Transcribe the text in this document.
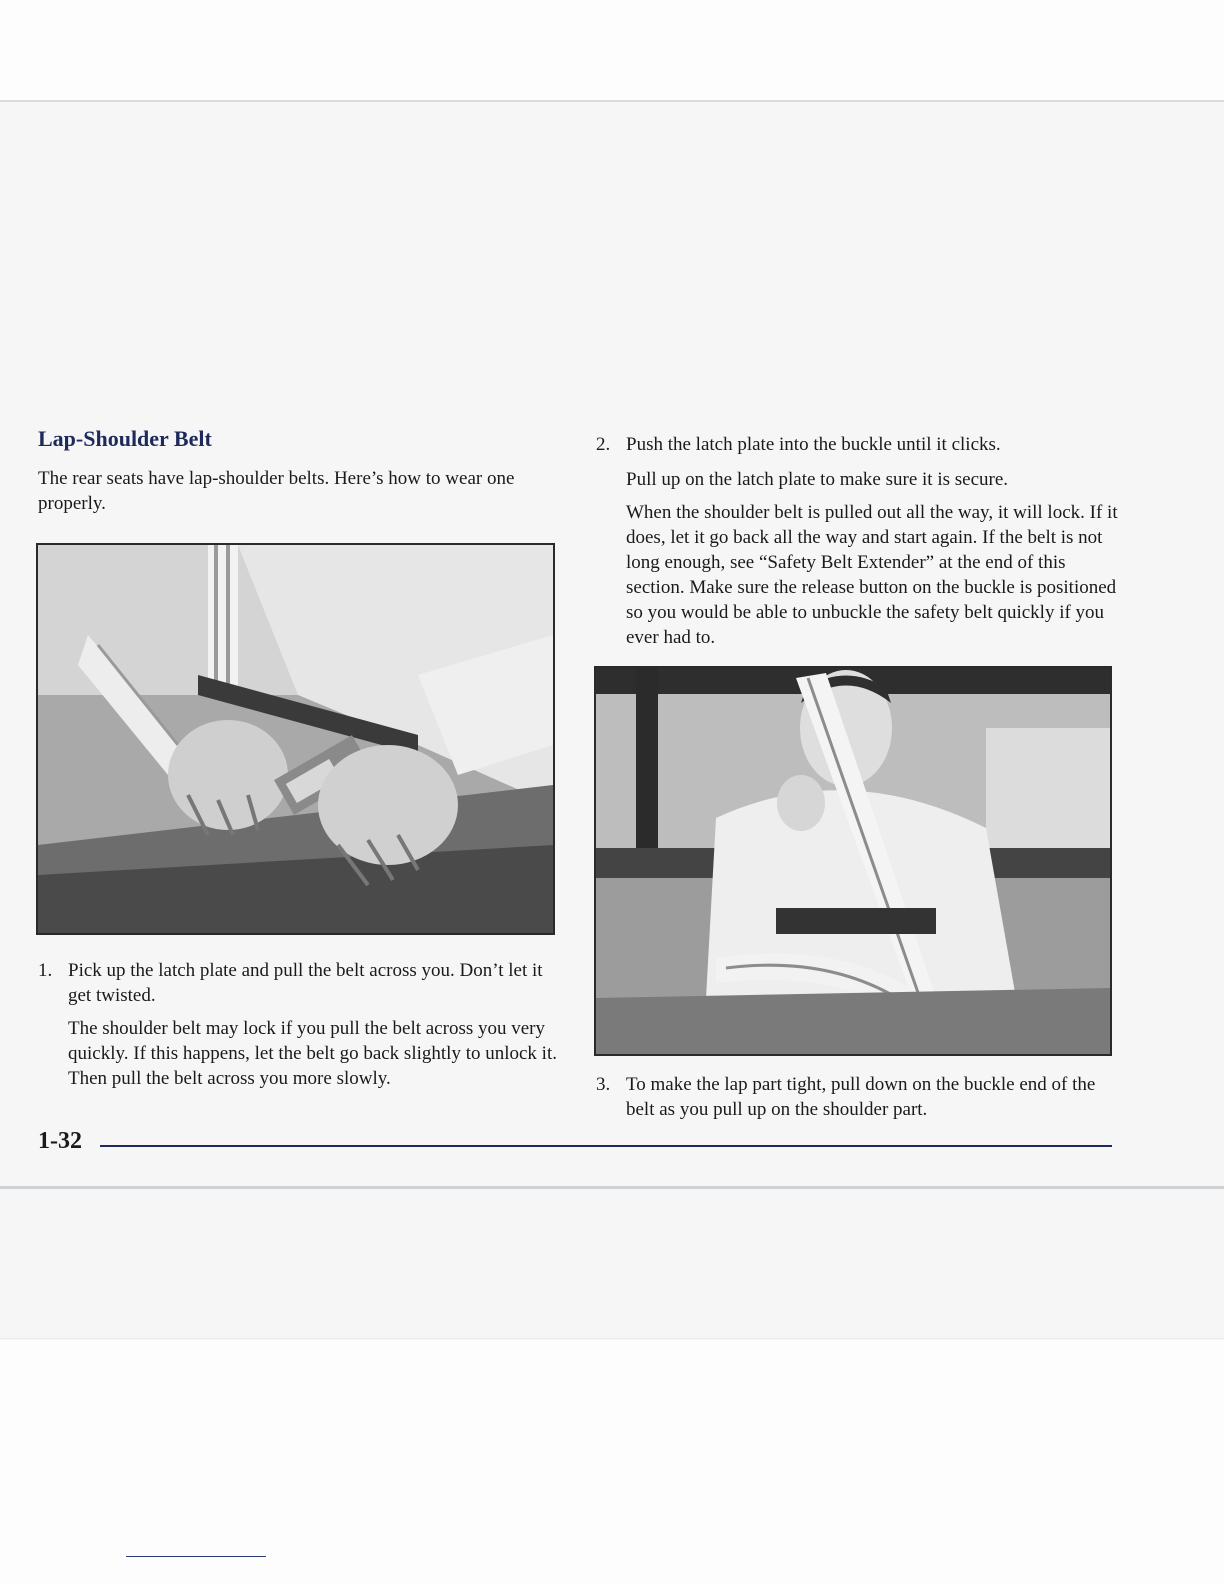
Lap-Shoulder Belt

The rear seats have lap-shoulder belts. Here’s how to wear one properly.

1. Pick up the latch plate and pull the belt across you. Don’t let it get twisted.

The shoulder belt may lock if you pull the belt across you very quickly. If this happens, let the belt go back slightly to unlock it. Then pull the belt across you more slowly.

2. Push the latch plate into the buckle until it clicks.

Pull up on the latch plate to make sure it is secure.

When the shoulder belt is pulled out all the way, it will lock. If it does, let it go back all the way and start again. If the belt is not long enough, see “Safety Belt Extender” at the end of this section. Make sure the release button on the buckle is positioned so you would be able to unbuckle the safety belt quickly if you ever had to.

3. To make the lap part tight, pull down on the buckle end of the belt as you pull up on the shoulder part.

1-32
